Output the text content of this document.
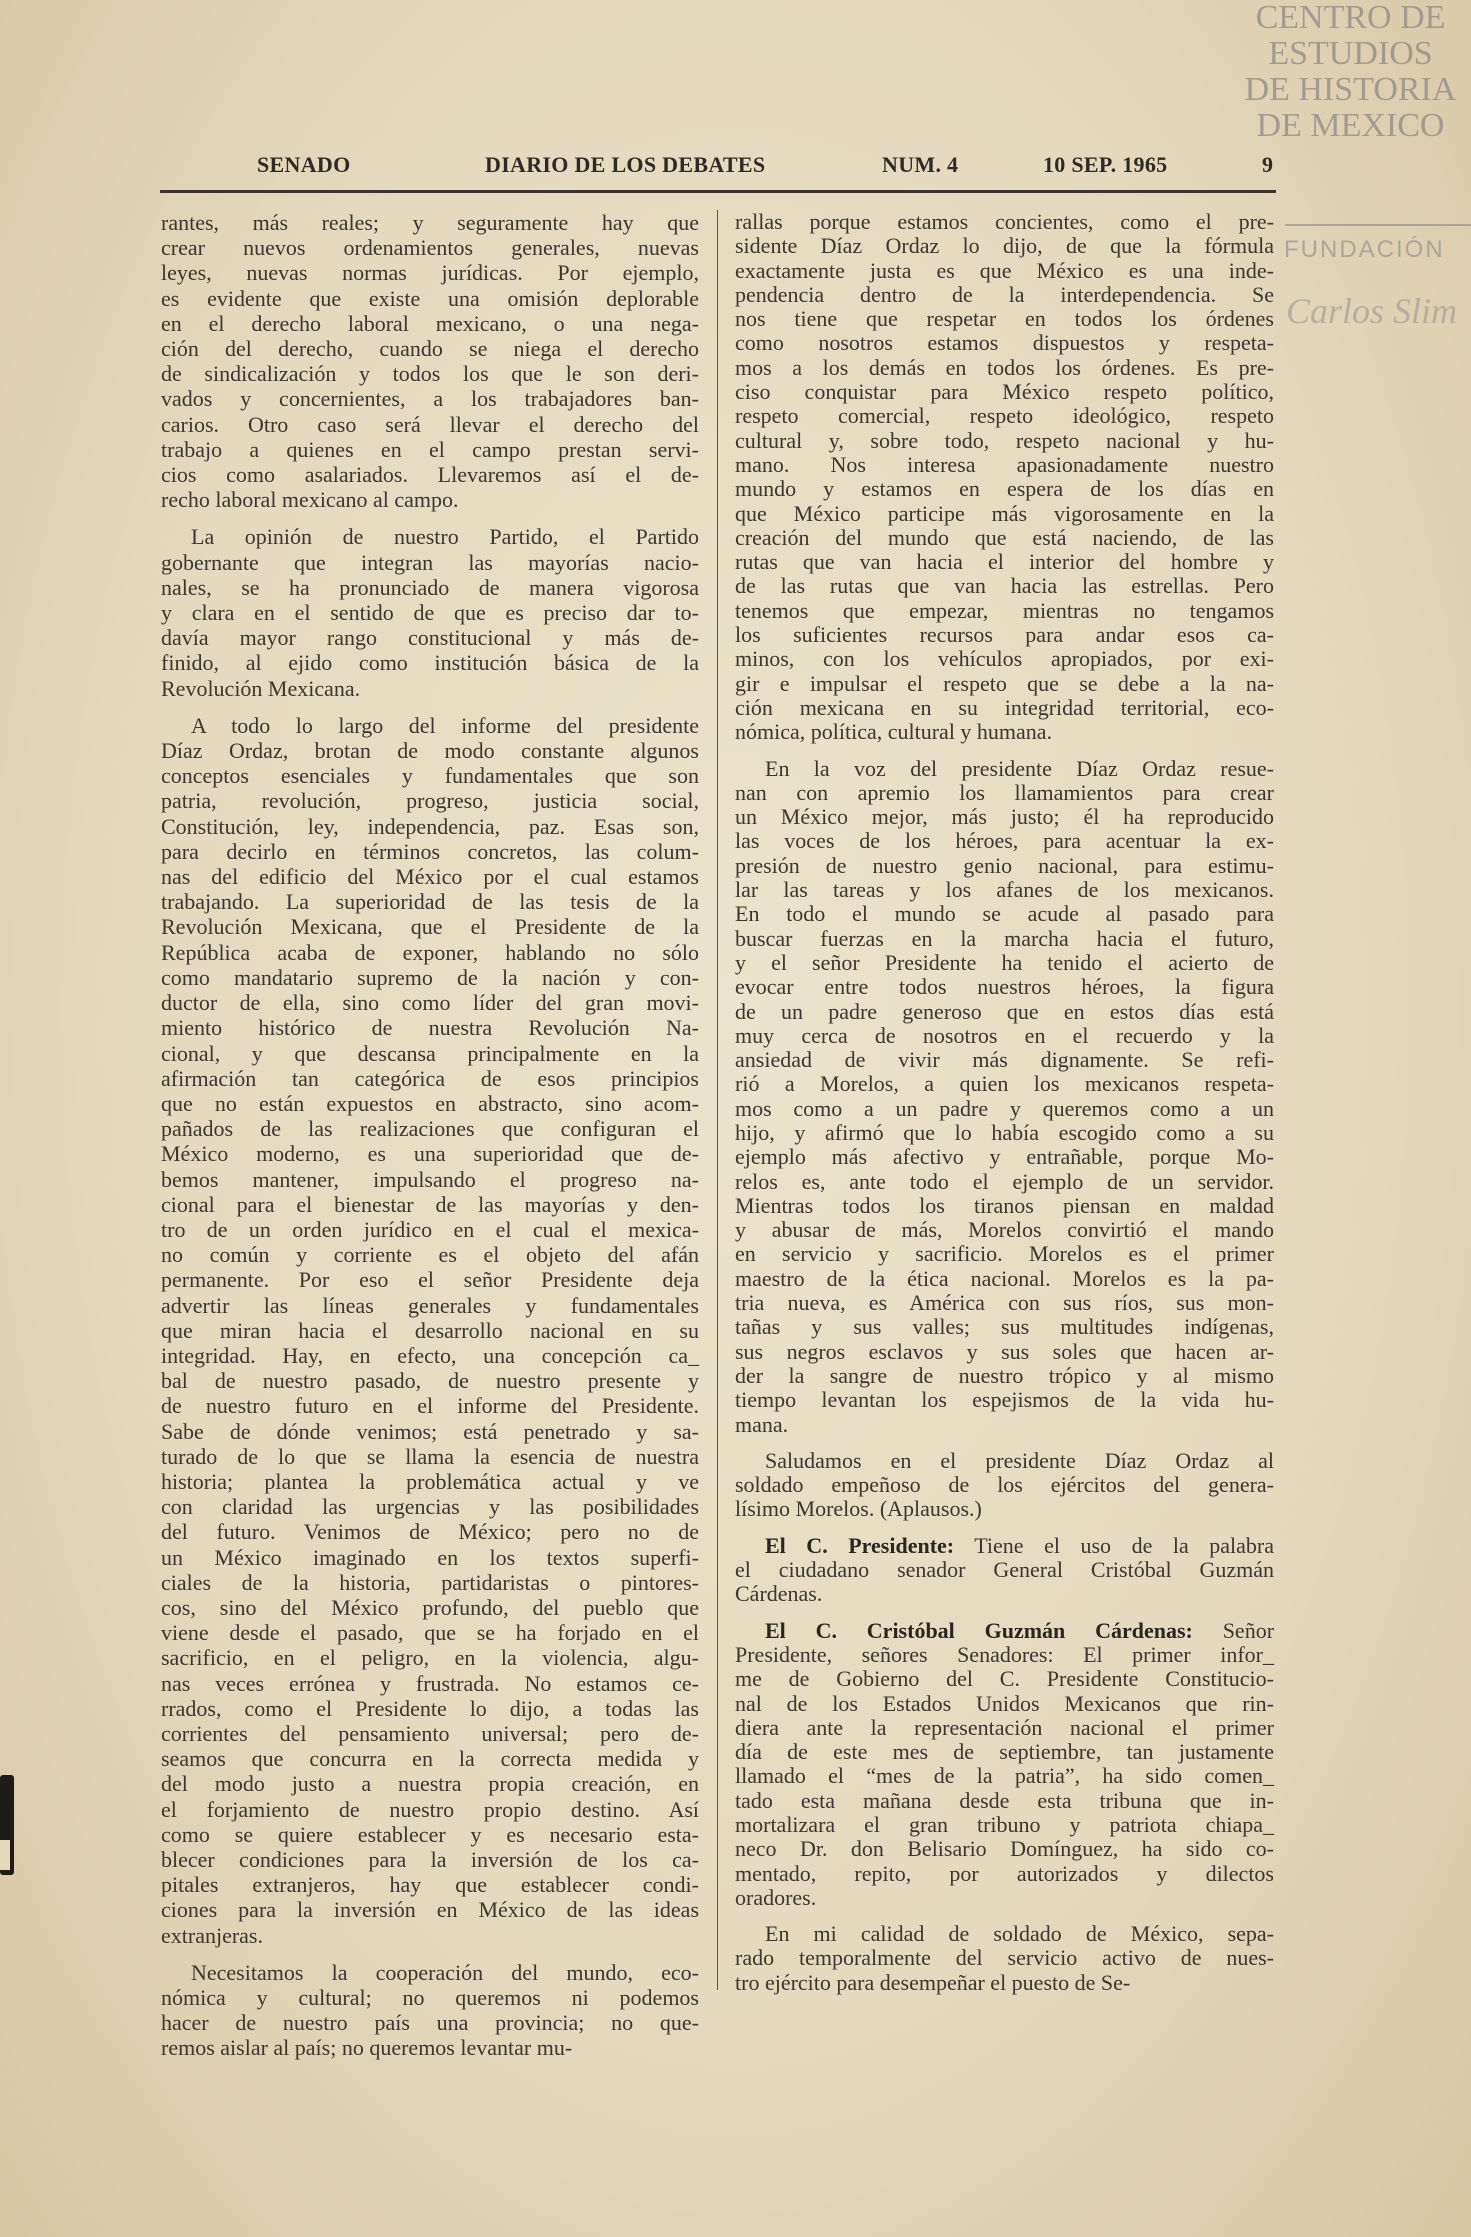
CENTRO DE
ESTUDIOS
DE HISTORIA
DE MEXICO
FUNDACIÓN
Carlos Slim
SENADO	DIARIO DE LOS DEBATES	NUM. 4	10 SEP. 1965	9
rantes, más reales; y seguramente hay que
crear nuevos ordenamientos generales, nuevas
leyes, nuevas normas jurídicas. Por ejemplo,
es evidente que existe una omisión deplorable
en el derecho laboral mexicano, o una nega-
ción del derecho, cuando se niega el derecho
de sindicalización y todos los que le son deri-
vados y concernientes, a los trabajadores ban-
carios. Otro caso será llevar el derecho del
trabajo a quienes en el campo prestan servi-
cios como asalariados. Llevaremos así el de-
recho laboral mexicano al campo.
La opinión de nuestro Partido, el Partido
gobernante que integran las mayorías nacio-
nales, se ha pronunciado de manera vigorosa
y clara en el sentido de que es preciso dar to-
davía mayor rango constitucional y más de-
finido, al ejido como institución básica de la
Revolución Mexicana.
A todo lo largo del informe del presidente
Díaz Ordaz, brotan de modo constante algunos
conceptos esenciales y fundamentales que son
patria, revolución, progreso, justicia social,
Constitución, ley, independencia, paz. Esas son,
para decirlo en términos concretos, las colum-
nas del edificio del México por el cual estamos
trabajando. La superioridad de las tesis de la
Revolución Mexicana, que el Presidente de la
República acaba de exponer, hablando no sólo
como mandatario supremo de la nación y con-
ductor de ella, sino como líder del gran movi-
miento histórico de nuestra Revolución Na-
cional, y que descansa principalmente en la
afirmación tan categórica de esos principios
que no están expuestos en abstracto, sino acom-
pañados de las realizaciones que configuran el
México moderno, es una superioridad que de-
bemos mantener, impulsando el progreso na-
cional para el bienestar de las mayorías y den-
tro de un orden jurídico en el cual el mexica-
no común y corriente es el objeto del afán
permanente. Por eso el señor Presidente deja
advertir las líneas generales y fundamentales
que miran hacia el desarrollo nacional en su
integridad. Hay, en efecto, una concepción ca_
bal de nuestro pasado, de nuestro presente y
de nuestro futuro en el informe del Presidente.
Sabe de dónde venimos; está penetrado y sa-
turado de lo que se llama la esencia de nuestra
historia; plantea la problemática actual y ve
con claridad las urgencias y las posibilidades
del futuro. Venimos de México; pero no de
un México imaginado en los textos superfi-
ciales de la historia, partidaristas o pintores-
cos, sino del México profundo, del pueblo que
viene desde el pasado, que se ha forjado en el
sacrificio, en el peligro, en la violencia, algu-
nas veces errónea y frustrada. No estamos ce-
rrados, como el Presidente lo dijo, a todas las
corrientes del pensamiento universal; pero de-
seamos que concurra en la correcta medida y
del modo justo a nuestra propia creación, en
el forjamiento de nuestro propio destino. Así
como se quiere establecer y es necesario esta-
blecer condiciones para la inversión de los ca-
pitales extranjeros, hay que establecer condi-
ciones para la inversión en México de las ideas
extranjeras.
Necesitamos la cooperación del mundo, eco-
nómica y cultural; no queremos ni podemos
hacer de nuestro país una provincia; no que-
remos aislar al país; no queremos levantar mu-
rallas porque estamos concientes, como el pre-
sidente Díaz Ordaz lo dijo, de que la fórmula
exactamente justa es que México es una inde-
pendencia dentro de la interdependencia. Se
nos tiene que respetar en todos los órdenes
como nosotros estamos dispuestos y respeta-
mos a los demás en todos los órdenes. Es pre-
ciso conquistar para México respeto político,
respeto comercial, respeto ideológico, respeto
cultural y, sobre todo, respeto nacional y hu-
mano. Nos interesa apasionadamente nuestro
mundo y estamos en espera de los días en
que México participe más vigorosamente en la
creación del mundo que está naciendo, de las
rutas que van hacia el interior del hombre y
de las rutas que van hacia las estrellas. Pero
tenemos que empezar, mientras no tengamos
los suficientes recursos para andar esos ca-
minos, con los vehículos apropiados, por exi-
gir e impulsar el respeto que se debe a la na-
ción mexicana en su integridad territorial, eco-
nómica, política, cultural y humana.
En la voz del presidente Díaz Ordaz resue-
nan con apremio los llamamientos para crear
un México mejor, más justo; él ha reproducido
las voces de los héroes, para acentuar la ex-
presión de nuestro genio nacional, para estimu-
lar las tareas y los afanes de los mexicanos.
En todo el mundo se acude al pasado para
buscar fuerzas en la marcha hacia el futuro,
y el señor Presidente ha tenido el acierto de
evocar entre todos nuestros héroes, la figura
de un padre generoso que en estos días está
muy cerca de nosotros en el recuerdo y la
ansiedad de vivir más dignamente. Se refi-
rió a Morelos, a quien los mexicanos respeta-
mos como a un padre y queremos como a un
hijo, y afirmó que lo había escogido como a su
ejemplo más afectivo y entrañable, porque Mo-
relos es, ante todo el ejemplo de un servidor.
Mientras todos los tiranos piensan en maldad
y abusar de más, Morelos convirtió el mando
en servicio y sacrificio. Morelos es el primer
maestro de la ética nacional. Morelos es la pa-
tria nueva, es América con sus ríos, sus mon-
tañas y sus valles; sus multitudes indígenas,
sus negros esclavos y sus soles que hacen ar-
der la sangre de nuestro trópico y al mismo
tiempo levantan los espejismos de la vida hu-
mana.
Saludamos en el presidente Díaz Ordaz al
soldado empeñoso de los ejércitos del genera-
lísimo Morelos. (Aplausos.)
El C. Presidente: Tiene el uso de la palabra
el ciudadano senador General Cristóbal Guzmán
Cárdenas.
El C. Cristóbal Guzmán Cárdenas: Señor
Presidente, señores Senadores: El primer infor_
me de Gobierno del C. Presidente Constitucio-
nal de los Estados Unidos Mexicanos que rin-
diera ante la representación nacional el primer
día de este mes de septiembre, tan justamente
llamado el “mes de la patria”, ha sido comen_
tado esta mañana desde esta tribuna que in-
mortalizara el gran tribuno y patriota chiapa_
neco Dr. don Belisario Domínguez, ha sido co-
mentado, repito, por autorizados y dilectos
oradores.
En mi calidad de soldado de México, sepa-
rado temporalmente del servicio activo de nues-
tro ejército para desempeñar el puesto de Se-
